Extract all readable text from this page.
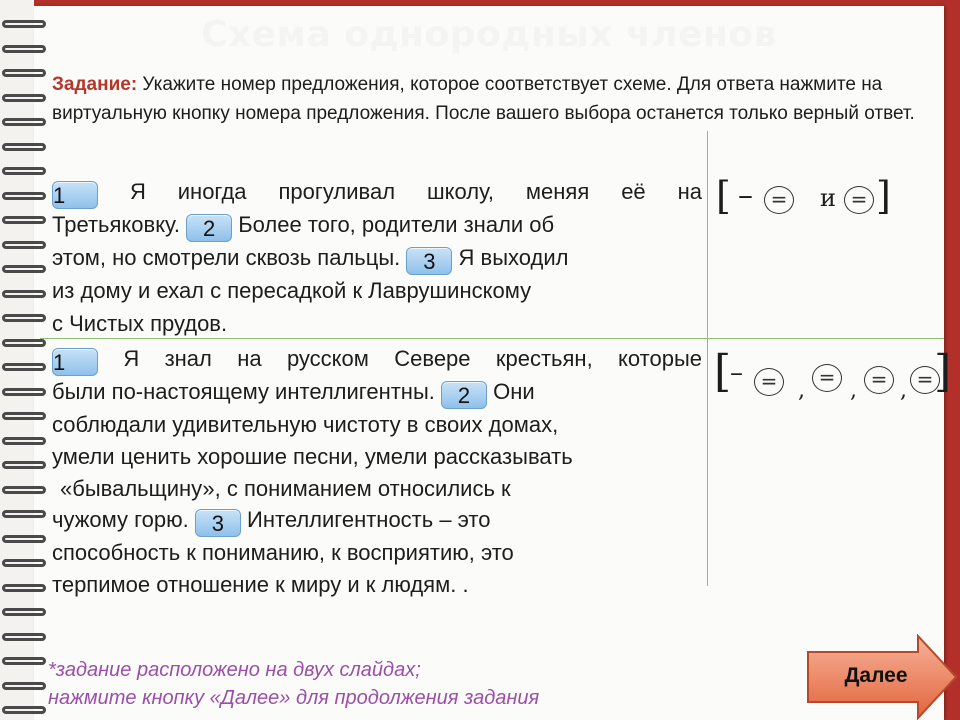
Схема однородных членов
Задание: Укажите номер предложения, которое соответствует схеме. Для ответа нажмите на виртуальную кнопку номера предложения. После вашего выбора останется только верный ответ.
1	Я иногда прогуливал школу, меняя её на
Третьяковку. 2 Более того, родители знали об
этом, но смотрели сквозь пальцы. 3 Я выходил
из дому и ехал с пересадкой к Лаврушинскому
с Чистых прудов.
[ – = и = ]
1	Я знал на русском Севере крестьян, которые
были по-настоящему интеллигентны. 2 Они
соблюдали удивительную чистоту в своих домах,
умели ценить хорошие песни, умели рассказывать
«бывальщину», с пониманием относились к
чужому горю. 3 Интеллигентность – это
способность к пониманию, к восприятию, это
терпимое отношение к миру и к людям. .
[
– = ,
=
, = , = ]
*задание расположено на двух слайдах;
нажмите кнопку «Далее» для продолжения задания
Далее
